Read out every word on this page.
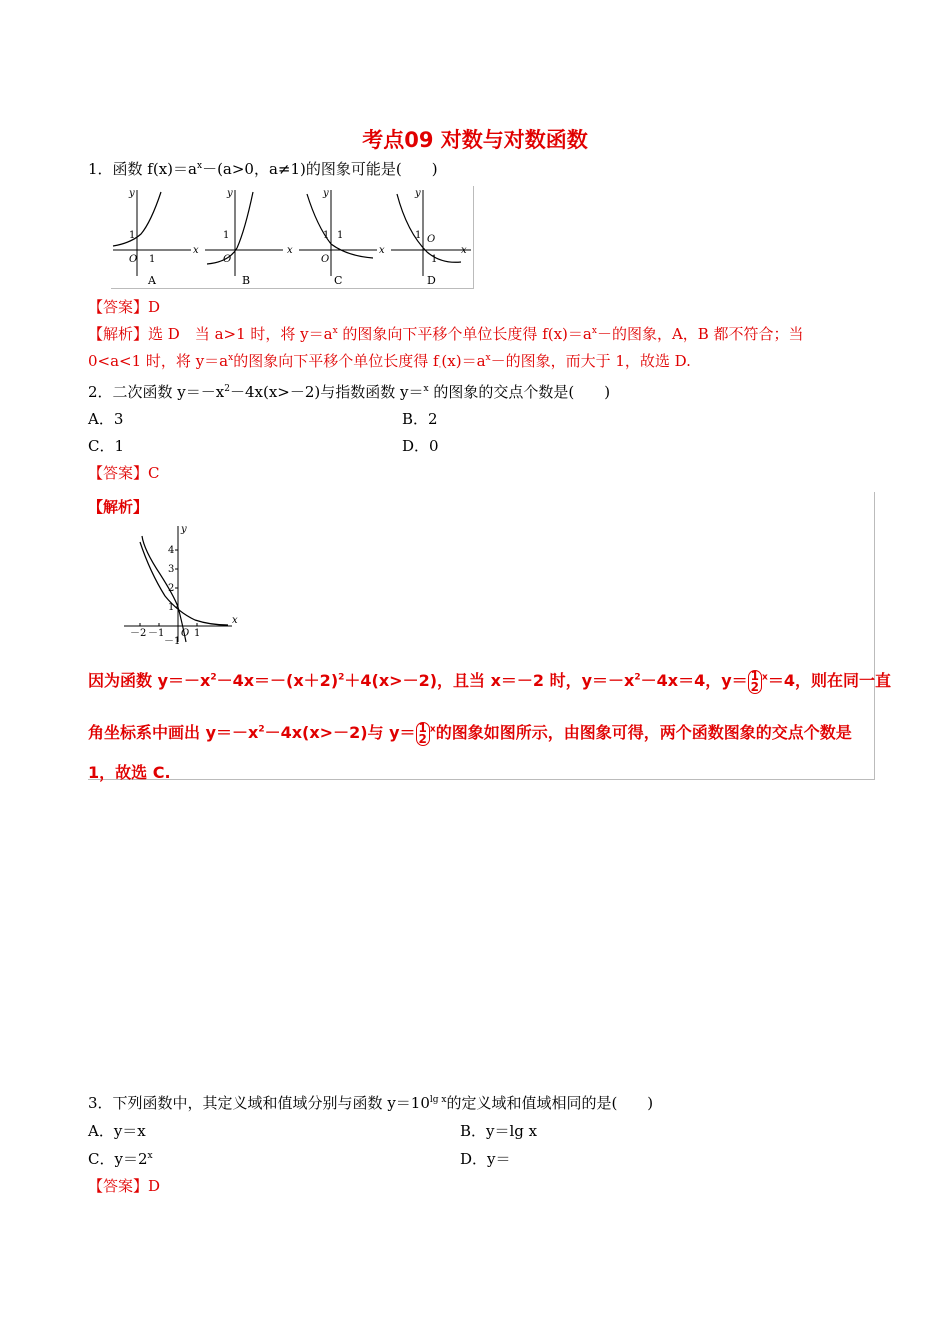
考点09 对数与对数函数
1．函数 $f(x)=a^x-(a>0$，a≠1)的图象可能是(　　)
x
y
O
1
1
x
y
O
1
x
y
O
1 1
x
y
O
1
1
A	B	C	D
【答案】D
【解析】选 D　当 a>1 时，将 $y=a^x$ 的图象向下平移个单位长度得 $f(x)=a^x-$的图象，A，B 都不符合；当
0<a<1 时，将 $y=a^x$的图象向下平移个单位长度得 $f_\cdot(x)=a^x-$的图象，而大于 1，故选 D.
2．二次函数 $y=-x^2-4x(x>-2)$与指数函数 y＝$^x$ 的图象的交点个数是(　　)
A．3	B．2
C．1	D．0
【答案】C
【解析】
y
x
O
4
3
2
1
－1
－2 －1	1
因为函数 $y=-x^2-4x=-(x+2)^2+4(x>-2)$，且当 x＝－2 时，$y=-x^2-4x=4$，y＝ 1
$2^x=4$，则在同一直
角坐标系中画出 $y=-x^2-4x(x>-2)$与 y＝ 1
2$^x$的图象如图所示，由图象可得，两个函数图象的交点个数是
1，故选 C.
3．下列函数中，其定义域和值域分别与函数 $y=10^{lg x}$的定义域和值域相同的是(　　)
A．y＝x	B．y＝lg x
C．$y=2^x$	D．y＝
【答案】D
